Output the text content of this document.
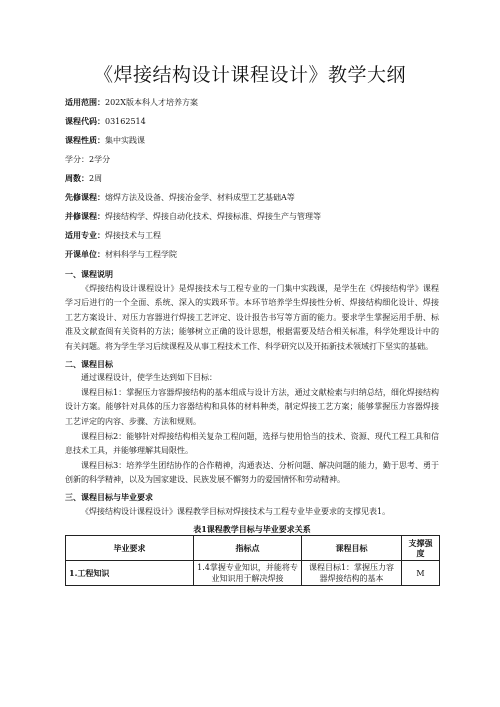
《焊接结构设计课程设计》教学大纲
适用范围：202X版本科人才培养方案
课程代码：03162514
课程性质：集中实践课
学分：2学分
周数：2周
先修课程：熔焊方法及设备、焊接冶金学、材料成型工艺基础A等
并修课程：焊接结构学、焊接自动化技术、焊接标准、焊接生产与管理等
适用专业：焊接技术与工程
开课单位：材料科学与工程学院
一、课程说明

《焊接结构设计课程设计》是焊接技术与工程专业的一门集中实践课，是学生在《焊接结构学》课程学习后进行的一个全面、系统、深入的实践环节。本环节培养学生焊接性分析、焊接结构细化设计、焊接工艺方案设计、对压力容器进行焊接工艺评定、设计报告书写等方面的能力。要求学生掌握运用手册、标准及文献查阅有关资料的方法；能够树立正确的设计思想，根据需要及结合相关标准，科学处理设计中的有关问题。将为学生学习后续课程及从事工程技术工作、科学研究以及开拓新技术领域打下坚实的基础。

二、课程目标

通过课程设计，使学生达到如下目标：

课程目标1：掌握压力容器焊接结构的基本组成与设计方法，通过文献检索与归纳总结，细化焊接结构设计方案。能够针对具体的压力容器结构和具体的材料种类，制定焊接工艺方案；能够掌握压力容器焊接工艺评定的内容、步骤、方法和规则。

课程目标2：能够针对焊接结构相关复杂工程问题，选择与使用恰当的技术、资源、现代工程工具和信息技术工具，并能够理解其局限性。

课程目标3：培养学生团结协作的合作精神，沟通表达、分析问题、解决问题的能力，勤于思考、勇于创新的科学精神，以及为国家建设、民族发展不懈努力的爱国情怀和劳动精神。

三、课程目标与毕业要求

《焊接结构设计课程设计》课程教学目标对焊接技术与工程专业毕业要求的支撑见表1。

表1课程教学目标与毕业要求关系
毕业要求	指标点	课程目标	支撑强度
1.工程知识	1.4掌握专业知识，并能将专业知识用于解决焊接	课程目标1：掌握压力容器焊接结构的基本	M
